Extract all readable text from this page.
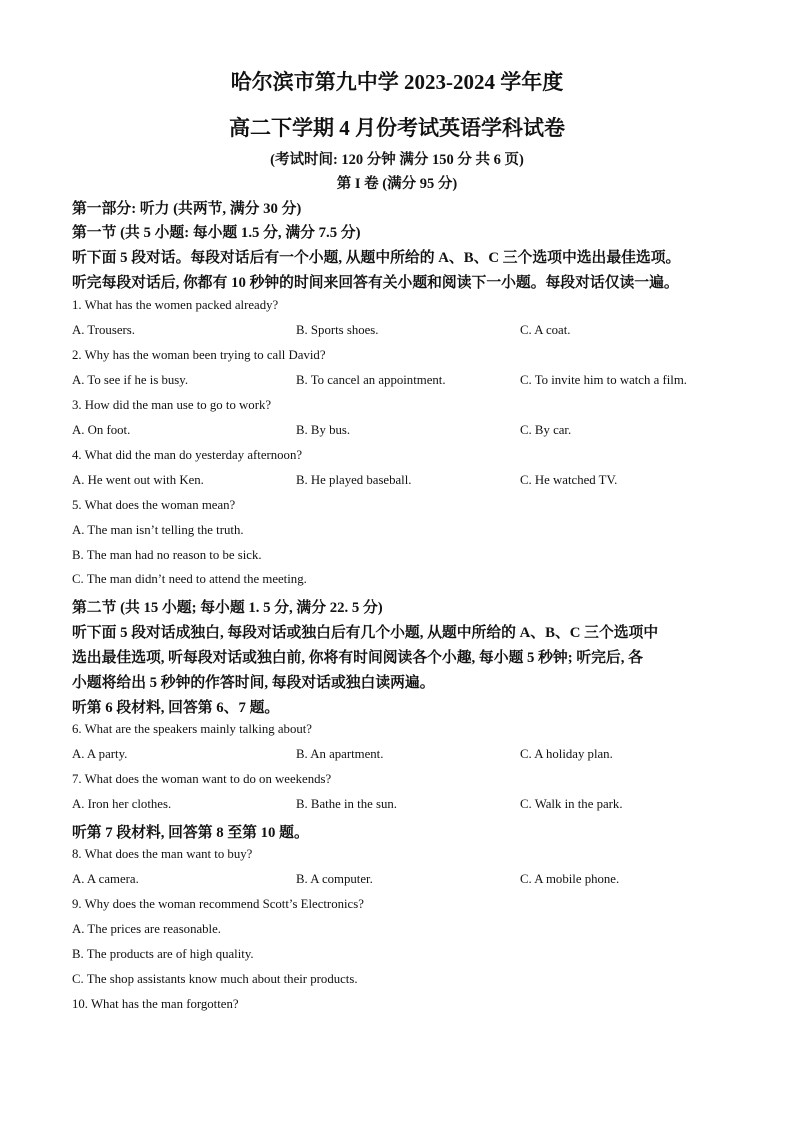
哈尔滨市第九中学 2023-2024 学年度
高二下学期 4 月份考试英语学科试卷
(考试时间: 120 分钟 满分 150 分 共 6 页)
第 I 卷 (满分 95 分)
第一部分: 听力 (共两节, 满分 30 分)
第一节 (共 5 小题: 每小题 1.5 分, 满分 7.5 分)
听下面 5 段对话。每段对话后有一个小题, 从题中所给的 A、B、C 三个选项中选出最佳选项。
听完每段对话后, 你都有 10 秒钟的时间来回答有关小题和阅读下一小题。每段对话仅读一遍。
1. What has the women packed already?
A. Trousers.	B. Sports shoes.	C. A coat.
2. Why has the woman been trying to call David?
A. To see if he is busy.	B. To cancel an appointment.	C. To invite him to watch a film.
3. How did the man use to go to work?
A. On foot.	B. By bus.	C. By car.
4. What did the man do yesterday afternoon?
A. He went out with Ken.	B. He played baseball.	C. He watched TV.
5. What does the woman mean?
A. The man isn’t telling the truth.
B. The man had no reason to be sick.
C. The man didn’t need to attend the meeting.
第二节 (共 15 小题; 每小题 1. 5 分, 满分 22. 5 分)
听下面 5 段对话成独白, 每段对话或独白后有几个小题, 从题中所给的 A、B、C 三个选项中
选出最佳选项, 听每段对话或独白前, 你将有时间阅读各个小趣, 每小题 5 秒钟; 听完后, 各
小题将给出 5 秒钟的作答时间, 每段对话或独白读两遍。
听第 6 段材料, 回答第 6、7 题。
6. What are the speakers mainly talking about?
A. A party.	B. An apartment.	C. A holiday plan.
7. What does the woman want to do on weekends?
A. Iron her clothes.	B. Bathe in the sun.	C. Walk in the park.
听第 7 段材料, 回答第 8 至第 10 题。
8. What does the man want to buy?
A. A camera.	B. A computer.	C. A mobile phone.
9. Why does the woman recommend Scott’s Electronics?
A. The prices are reasonable.
B. The products are of high quality.
C. The shop assistants know much about their products.
10. What has the man forgotten?
